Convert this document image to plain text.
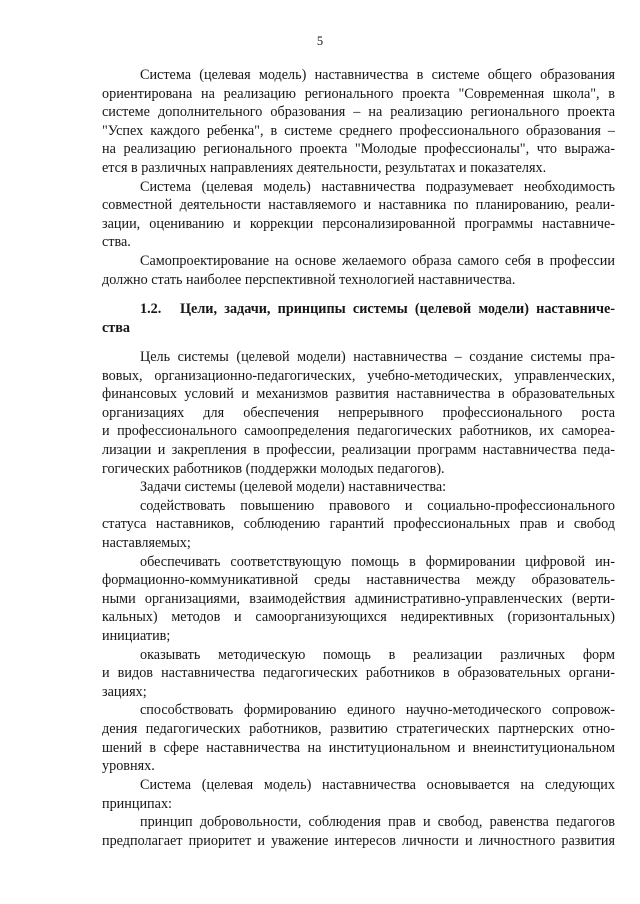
5
Система (целевая модель) наставничества в системе общего образования
ориентирована на реализацию регионального проекта "Современная школа", в
системе дополнительного образования – на реализацию регионального проекта
"Успех каждого ребенка", в системе среднего профессионального образования –
на реализацию регионального проекта "Молодые профессионалы", что выража-
ется в различных направлениях деятельности, результатах и показателях.
Система (целевая модель) наставничества подразумевает необходимость
совместной деятельности наставляемого и наставника по планированию, реали-
зации, оцениванию и коррекции персонализированной программы наставниче-
ства.
Самопроектирование на основе желаемого образа самого себя в профессии
должно стать наиболее перспективной технологией наставничества.
1.2.	Цели, задачи, принципы системы (целевой модели) наставниче-
ства
Цель системы (целевой модели) наставничества – создание системы пра-
вовых, организационно-педагогических, учебно-методических, управленческих,
финансовых условий и механизмов развития наставничества в образовательных
организациях для обеспечения непрерывного профессионального роста
и профессионального самоопределения педагогических работников, их самореа-
лизации и закрепления в профессии, реализации программ наставничества педа-
гогических работников (поддержки молодых педагогов).
Задачи системы (целевой модели) наставничества:
содействовать повышению правового и социально-профессионального
статуса наставников, соблюдению гарантий профессиональных прав и свобод
наставляемых;
обеспечивать соответствующую помощь в формировании цифровой ин-
формационно-коммуникативной среды наставничества между образователь-
ными организациями, взаимодействия административно-управленческих (верти-
кальных) методов и самоорганизующихся недирективных (горизонтальных)
инициатив;
оказывать методическую помощь в реализации различных форм
и видов наставничества педагогических работников в образовательных органи-
зациях;
способствовать формированию единого научно-методического сопровож-
дения педагогических работников, развитию стратегических партнерских отно-
шений в сфере наставничества на институциональном и внеинституциональном
уровнях.
Система (целевая модель) наставничества основывается на следующих
принципах:
принцип добровольности, соблюдения прав и свобод, равенства педагогов
предполагает приоритет и уважение интересов личности и личностного развития
